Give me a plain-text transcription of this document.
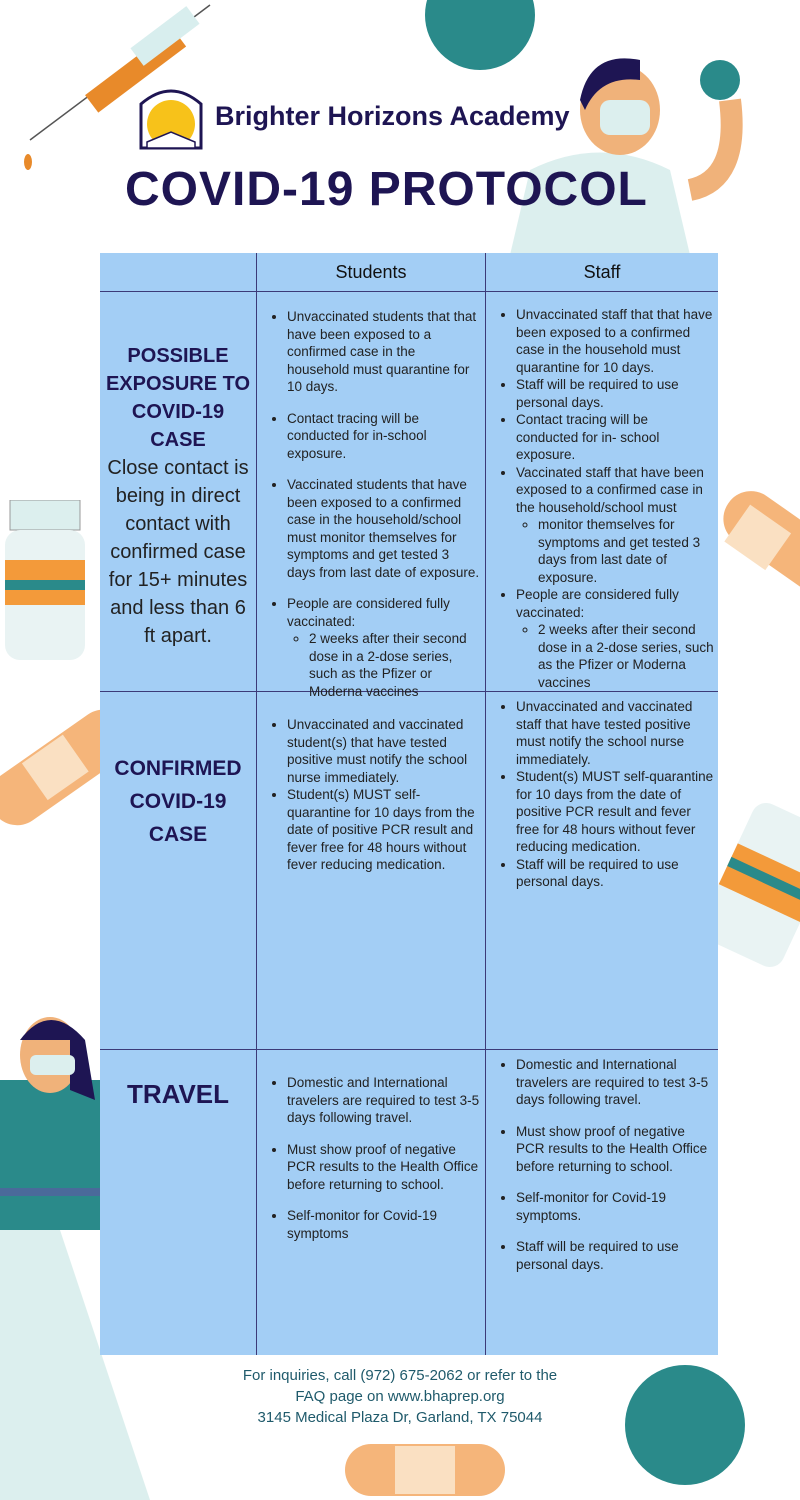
Brighter Horizons Academy
COVID-19 PROTOCOL
Students	Staff
POSSIBLE EXPOSURE TO COVID-19 CASE
Close contact is being in direct contact with confirmed case for 15+ minutes and less than 6 ft apart.
• Unvaccinated students that that have been exposed to a confirmed case in the household must quarantine for 10 days.
• Contact tracing will be conducted for in-school exposure.
• Vaccinated students that have been exposed to a confirmed case in the household/school must monitor themselves for symptoms and get tested 3 days from last date of exposure.
• People are considered fully vaccinated:
◦ 2 weeks after their second dose in a 2-dose series, such as the Pfizer or Moderna vaccines
• Unvaccinated staff that that have been exposed to a confirmed case in the household must quarantine for 10 days.
• Staff will be required to use personal days.
• Contact tracing will be conducted for in- school exposure.
• Vaccinated staff that have been exposed to a confirmed case in the household/school must
◦ monitor themselves for symptoms and get tested 3 days from last date of exposure.
• People are considered fully vaccinated:
◦ 2 weeks after their second dose in a 2-dose series, such as the Pfizer or Moderna vaccines
CONFIRMED COVID-19 CASE
• Unvaccinated and vaccinated student(s) that have tested positive must notify the school nurse immediately.
• Student(s) MUST self-quarantine for 10 days from the date of positive PCR result and fever free for 48 hours without fever reducing medication.
• Unvaccinated and vaccinated staff that have tested positive must notify the school nurse immediately.
• Student(s) MUST self-quarantine for 10 days from the date of positive PCR result and fever free for 48 hours without fever reducing medication.
• Staff will be required to use personal days.
TRAVEL	• Domestic and International travelers are required to test 3-5 days following travel.
• Must show proof of negative PCR results to the Health Office before returning to school.
• Self-monitor for Covid-19 symptoms
• Domestic and International travelers are required to test 3-5 days following travel.
• Must show proof of negative PCR results to the Health Office before returning to school.
• Self-monitor for Covid-19 symptoms.
• Staff will be required to use personal days.
For inquiries, call (972) 675-2062 or refer to the
FAQ page on www.bhaprep.org
3145 Medical Plaza Dr, Garland, TX 75044
